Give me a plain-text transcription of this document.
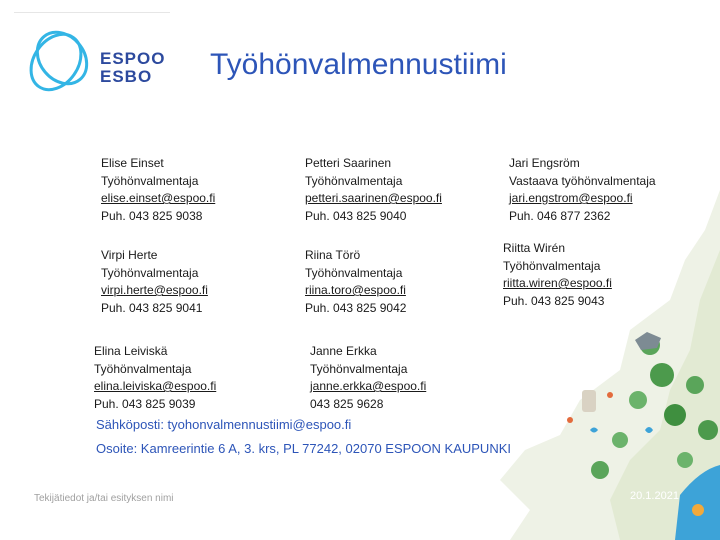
ESPOO
ESBO Työhönvalmennustiimi
Elise Einset
Työhönvalmentaja
elise.einset@espoo.fi
Puh. 043 825 9038
Petteri Saarinen
Työhönvalmentaja
petteri.saarinen@espoo.fi
Puh. 043 825 9040
Jari Engsröm
Vastaava työhönvalmentaja
jari.engstrom@espoo.fi
Puh. 046 877 2362
Virpi Herte
Työhönvalmentaja
virpi.herte@espoo.fi
Puh. 043 825 9041
Riina Törö
Työhönvalmentaja
riina.toro@espoo.fi
Puh. 043 825 9042
Riitta Wirén
Työhönvalmentaja
riitta.wiren@espoo.fi
Puh. 043 825 9043
Elina Leiviskä
Työhönvalmentaja
elina.leiviska@espoo.fi
Puh. 043 825 9039
Janne Erkka
Työhönvalmentaja
janne.erkka@espoo.fi
043 825 9628
Sähköposti: tyohonvalmennustiimi@espoo.fi
Osoite: Kamreerintie 6 A, 3. krs, PL 77242, 02070 ESPOON KAUPUNKI
Tekijätiedot ja/tai esityksen nimi	20.1.2021
